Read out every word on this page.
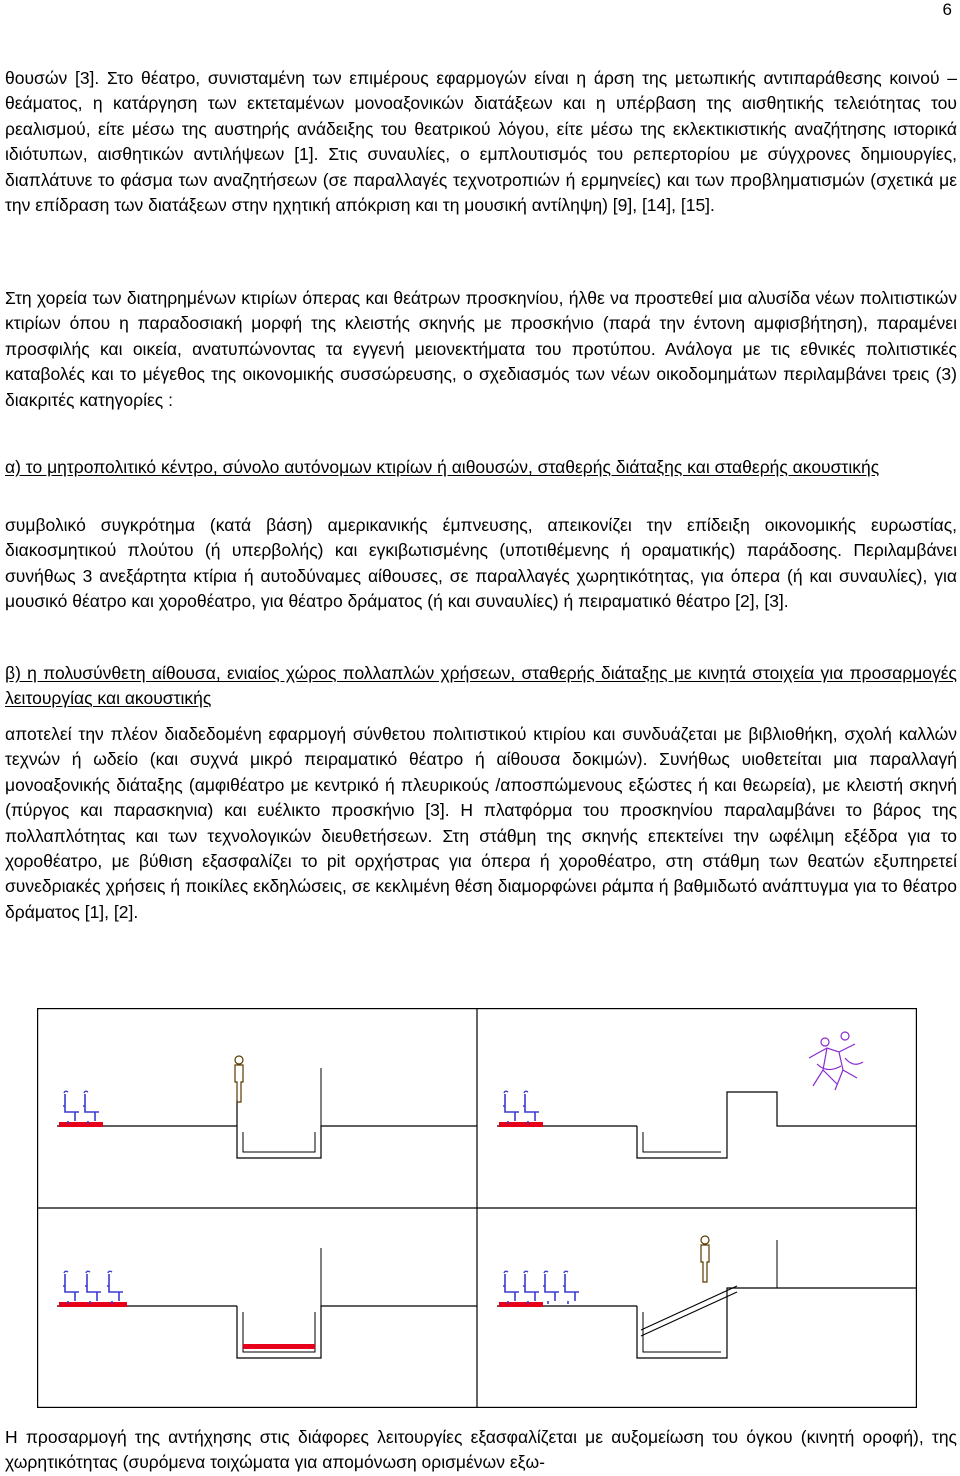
6

θουσών [3]. Στο θέατρο, συνισταμένη των επιμέρους εφαρμογών είναι η άρση της μετωπικής αντιπαράθεσης κοινού – θεάματος, η κατάργηση των εκτεταμένων μονοαξονικών διατάξεων και η υπέρβαση της αισθητικής τελειότητας του ρεαλισμού, είτε μέσω της αυστηρής ανάδειξης του θεατρικού λόγου, είτε μέσω της εκλεκτικιστικής αναζήτησης ιστορικά ιδιότυπων, αισθητικών αντιλήψεων [1]. Στις συναυλίες, ο εμπλουτισμός του ρεπερτορίου με σύγχρονες δημιουργίες, διαπλάτυνε το φάσμα των αναζητήσεων (σε παραλλαγές τεχνοτροπιών ή ερμηνείες) και των προβληματισμών (σχετικά με την επίδραση των διατάξεων στην ηχητική απόκριση και τη μουσική αντίληψη) [9], [14], [15].

Στη χορεία των διατηρημένων κτιρίων όπερας και θεάτρων προσκηνίου, ήλθε να προστεθεί μια αλυσίδα νέων πολιτιστικών κτιρίων όπου η παραδοσιακή μορφή της κλειστής σκηνής με προσκήνιο (παρά την έντονη αμφισβήτηση), παραμένει προσφιλής και οικεία, ανατυπώνοντας τα εγγενή μειονεκτήματα του προτύπου. Ανάλογα με τις εθνικές πολιτιστικές καταβολές και το μέγεθος της οικονομικής συσσώρευσης, ο σχεδιασμός των νέων οικοδομημάτων περιλαμβάνει τρεις (3) διακριτές κατηγορίες :

α) το μητροπολιτικό κέντρο, σύνολο αυτόνομων κτιρίων ή αιθουσών, σταθερής διάταξης και σταθερής ακουστικής

συμβολικό συγκρότημα (κατά βάση) αμερικανικής έμπνευσης, απεικονίζει την επίδειξη οικονομικής ευρωστίας, διακοσμητικού πλούτου (ή υπερβολής) και εγκιβωτισμένης (υποτιθέμενης ή οραματικής) παράδοσης. Περιλαμβάνει συνήθως 3 ανεξάρτητα κτίρια ή αυτοδύναμες αίθουσες, σε παραλλαγές χωρητικότητας, για όπερα (ή και συναυλίες), για μουσικό θέατρο και χοροθέατρο, για θέατρο δράματος (ή και συναυλίες) ή πειραματικό θέατρο [2], [3].

β) η πολυσύνθετη αίθουσα, ενιαίος χώρος πολλαπλών χρήσεων, σταθερής διάταξης με κινητά στοιχεία για προσαρμογές λειτουργίας και ακουστικής

αποτελεί την πλέον διαδεδομένη εφαρμογή σύνθετου πολιτιστικού κτιρίου και συνδυάζεται με βιβλιοθήκη, σχολή καλλών τεχνών ή ωδείο (και συχνά μικρό πειραματικό θέατρο ή αίθουσα δοκιμών). Συνήθως υιοθετείται μια παραλλαγή μονοαξονικής διάταξης (αμφιθέατρο με κεντρικό ή πλευρικούς /αποσπώμενους εξώστες ή και θεωρεία), με κλειστή σκηνή (πύργος και παρασκηνια) και ευέλικτο προσκήνιο [3]. Η πλατφόρμα του προσκηνίου παραλαμβάνει το βάρος της πολλαπλότητας και των τεχνολογικών διευθετήσεων. Στη στάθμη της σκηνής επεκτείνει την ωφέλιμη εξέδρα για το χοροθέατρο, με βύθιση εξασφαλίζει το pit ορχήστρας για όπερα ή χοροθέατρο, στη στάθμη των θεατών εξυπηρετεί συνεδριακές χρήσεις ή ποικίλες εκδηλώσεις, σε κεκλιμένη θέση διαμορφώνει ράμπα ή βαθμιδωτό ανάπτυγμα για το θέατρο δράματος [1], [2].

Η προσαρμογή της αντήχησης στις διάφορες λειτουργίες εξασφαλίζεται με αυξομείωση του όγκου (κινητή οροφή), της χωρητικότητας (συρόμενα τοιχώματα για απομόνωση ορισμένων εξω-
